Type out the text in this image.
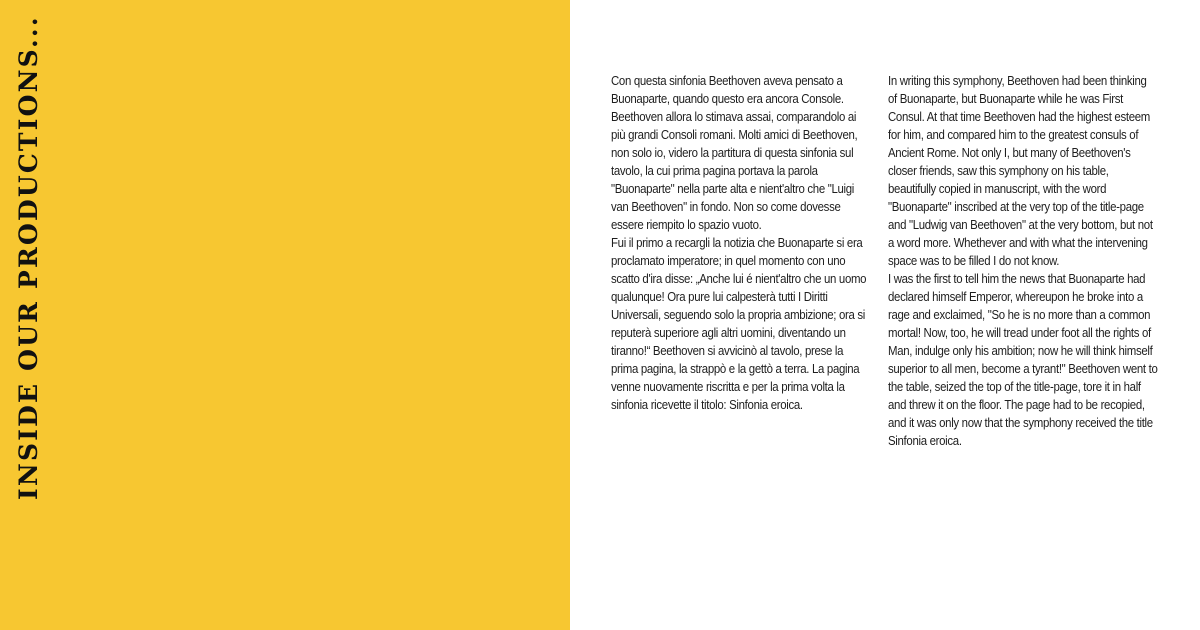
INSIDE OUR PRODUCTIONS...	Con questa sinfonia Beethoven aveva pensato a Buonaparte, quando questo era ancora Console. Beethoven allora lo stimava assai, comparandolo ai più grandi Consoli romani. Molti amici di Beethoven, non solo io, videro la partitura di questa sinfonia sul tavolo, la cui prima pagina portava la parola "Buonaparte" nella parte alta e nient'altro che "Luigi van Beethoven" in fondo. Non so come dovesse essere riempito lo spazio vuoto.

Fui il primo a recargli la notizia che Buonaparte si era proclamato imperatore; in quel momento con uno scatto d'ira disse: „Anche lui é nient'altro che un uomo qualunque! Ora pure lui calpesterà tutti I Diritti Universali, seguendo solo la propria ambizione; ora si reputerà superiore agli altri uomini, diventando un tiranno!“ Beethoven si avvicinò al tavolo, prese la prima pagina, la strappò e la gettò a terra. La pagina venne nuovamente riscritta e per la prima volta la sinfonia ricevette il titolo: Sinfonia eroica.

In writing this symphony, Beethoven had been thinking of Buonaparte, but Buonaparte while he was First Consul. At that time Beethoven had the highest esteem for him, and compared him to the greatest consuls of Ancient Rome. Not only I, but many of Beethoven's closer friends, saw this symphony on his table, beautifully copied in manuscript, with the word "Buonaparte" inscribed at the very top of the title-page and "Ludwig van Beethoven" at the very bottom, but not a word more. Whethever and with what the intervening space was to be filled I do not know.

I was the first to tell him the news that Buonaparte had declared himself Emperor, whereupon he broke into a rage and exclaimed, "So he is no more than a common mortal! Now, too, he will tread under foot all the rights of Man, indulge only his ambition; now he will think himself superior to all men, become a tyrant!" Beethoven went to the table, seized the top of the title-page, tore it in half and threw it on the floor. The page had to be recopied, and it was only now that the symphony received the title Sinfonia eroica.
